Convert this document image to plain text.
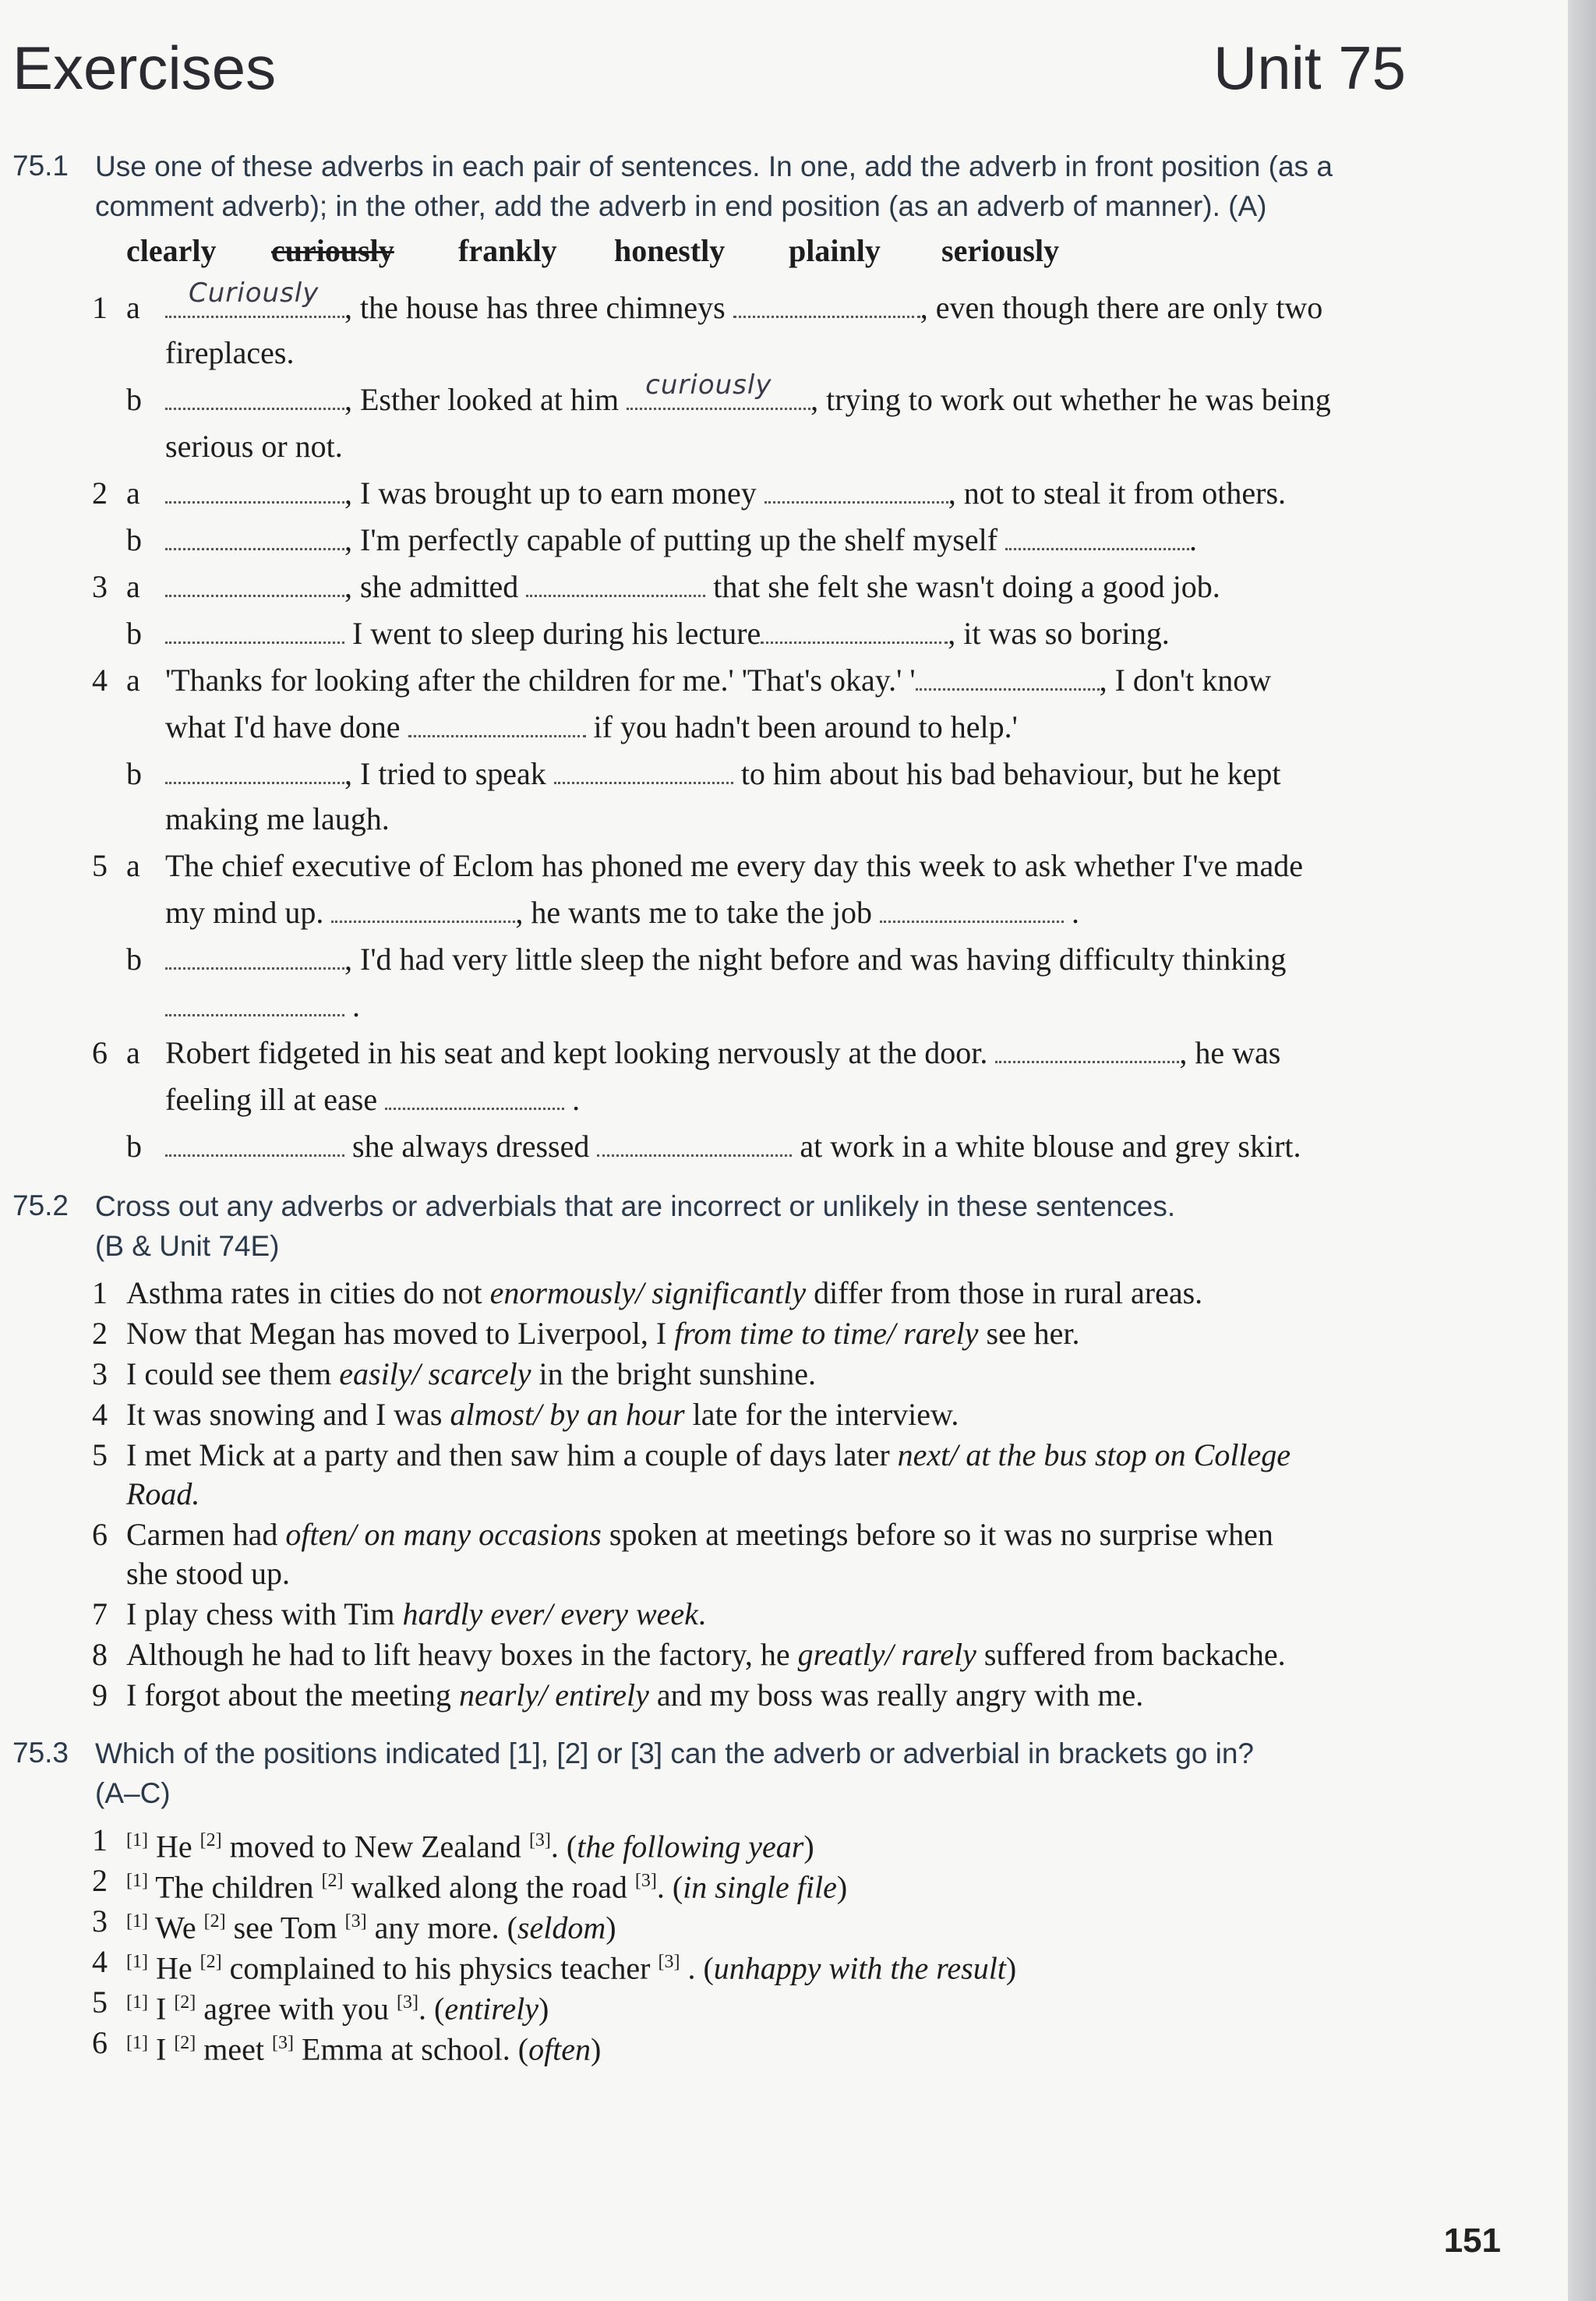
Exercises	Unit 75
75.1 Use one of these adverbs in each pair of sentences. In one, add the adverb in front position (as a comment adverb); in the other, add the adverb in end position (as an adverb of manner). (A)
clearly	curiously	frankly	honestly	plainly	seriously
1 a Curiously , the house has three chimneys	, even though there are only two
fireplaces.
b	, Esther looked at him curiously , trying to work out whether he was being
serious or not.
2 a	, I was brought up to earn money	, not to steal it from others.
b	, I'm perfectly capable of putting up the shelf myself	.
3 a	, she admitted	that she felt she wasn't doing a good job.
b	I went to sleep during his lecture	, it was so boring.
4 a 'Thanks for looking after the children for me.' 'That's okay.' '	, I don't know
what I'd have done	if you hadn't been around to help.'
b	, I tried to speak	to him about his bad behaviour, but he kept
making me laugh.
5 a The chief executive of Eclom has phoned me every day this week to ask whether I've made
my mind up.	, he wants me to take the job	.
b	, I'd had very little sleep the night before and was having difficulty thinking
.
6 a Robert fidgeted in his seat and kept looking nervously at the door.	, he was
feeling ill at ease	.
b	she always dressed	at work in a white blouse and grey skirt.
75.2 Cross out any adverbs or adverbials that are incorrect or unlikely in these sentences.
(B & Unit 74E)
1 Asthma rates in cities do not enormously/ significantly differ from those in rural areas.
2 Now that Megan has moved to Liverpool, I from time to time/ rarely see her.
3 I could see them easily/ scarcely in the bright sunshine.
4 It was snowing and I was almost/ by an hour late for the interview.
5 I met Mick at a party and then saw him a couple of days later next/ at the bus stop on College
Road.
6 Carmen had often/ on many occasions spoken at meetings before so it was no surprise when
she stood up.
7 I play chess with Tim hardly ever/ every week.
8 Although he had to lift heavy boxes in the factory, he greatly/ rarely suffered from backache.
9 I forgot about the meeting nearly/ entirely and my boss was really angry with me.
75.3 Which of the positions indicated [1], [2] or [3] can the adverb or adverbial in brackets go in?
(A–C)
1 [1] He [2] moved to New Zealand [3]. (the following year)
2 [1] The children [2] walked along the road [3]. (in single file)
3 [1] We [2] see Tom [3] any more. (seldom)
4 [1] He [2] complained to his physics teacher [3] . (unhappy with the result)
5 [1] I [2] agree with you [3]. (entirely)
6 [1] I [2] meet [3] Emma at school. (often)
151
